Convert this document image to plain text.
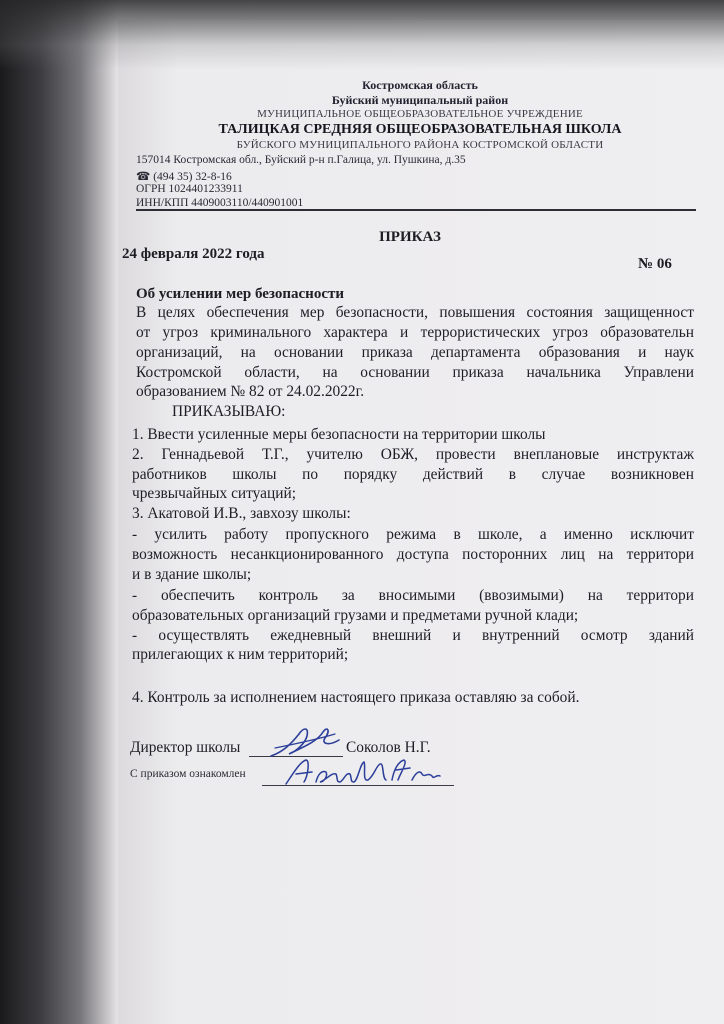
Костромская область
Буйский муниципальный район
МУНИЦИПАЛЬНОЕ ОБЩЕОБРАЗОВАТЕЛЬНОЕ УЧРЕЖДЕНИЕ
ТАЛИЦКАЯ СРЕДНЯЯ ОБЩЕОБРАЗОВАТЕЛЬНАЯ ШКОЛА
БУЙСКОГО МУНИЦИПАЛЬНОГО РАЙОНА КОСТРОМСКОЙ ОБЛАСТИ
157014 Костромская обл., Буйский р-н п.Галица, ул. Пушкина, д.35
☎ (494 35) 32-8-16
ОГРН 1024401233911
ИНН/КПП 4409003110/440901001
ПРИКАЗ
24 февраля 2022 года
№ 06
Об усилении мер безопасности
В целях обеспечения мер безопасности, повышения состояния защищенност
от угроз криминального характера и террористических угроз образовательн
организаций, на основании приказа департамента образования и наук
Костромской области, на основании приказа начальника Управлени
образованием № 82 от 24.02.2022г.
ПРИКАЗЫВАЮ:
1. Ввести усиленные меры безопасности на территории школы
2. Геннадьевой Т.Г., учителю ОБЖ, провести внеплановые инструктаж
работников школы по порядку действий в случае возникновен
чрезвычайных ситуаций;
3. Акатовой И.В., завхозу школы:
- усилить работу пропускного режима в школе, а именно исключит
возможность несанкционированного доступа посторонних лиц на территори
и в здание школы;
- обеспечить контроль за вносимыми (ввозимыми) на территори
образовательных организаций грузами и предметами ручной клади;
- осуществлять ежедневный внешний и внутренний осмотр зданий
прилегающих к ним территорий;
4. Контроль за исполнением настоящего приказа оставляю за собой.
Директор школы	Соколов Н.Г.
С приказом ознакомлен
